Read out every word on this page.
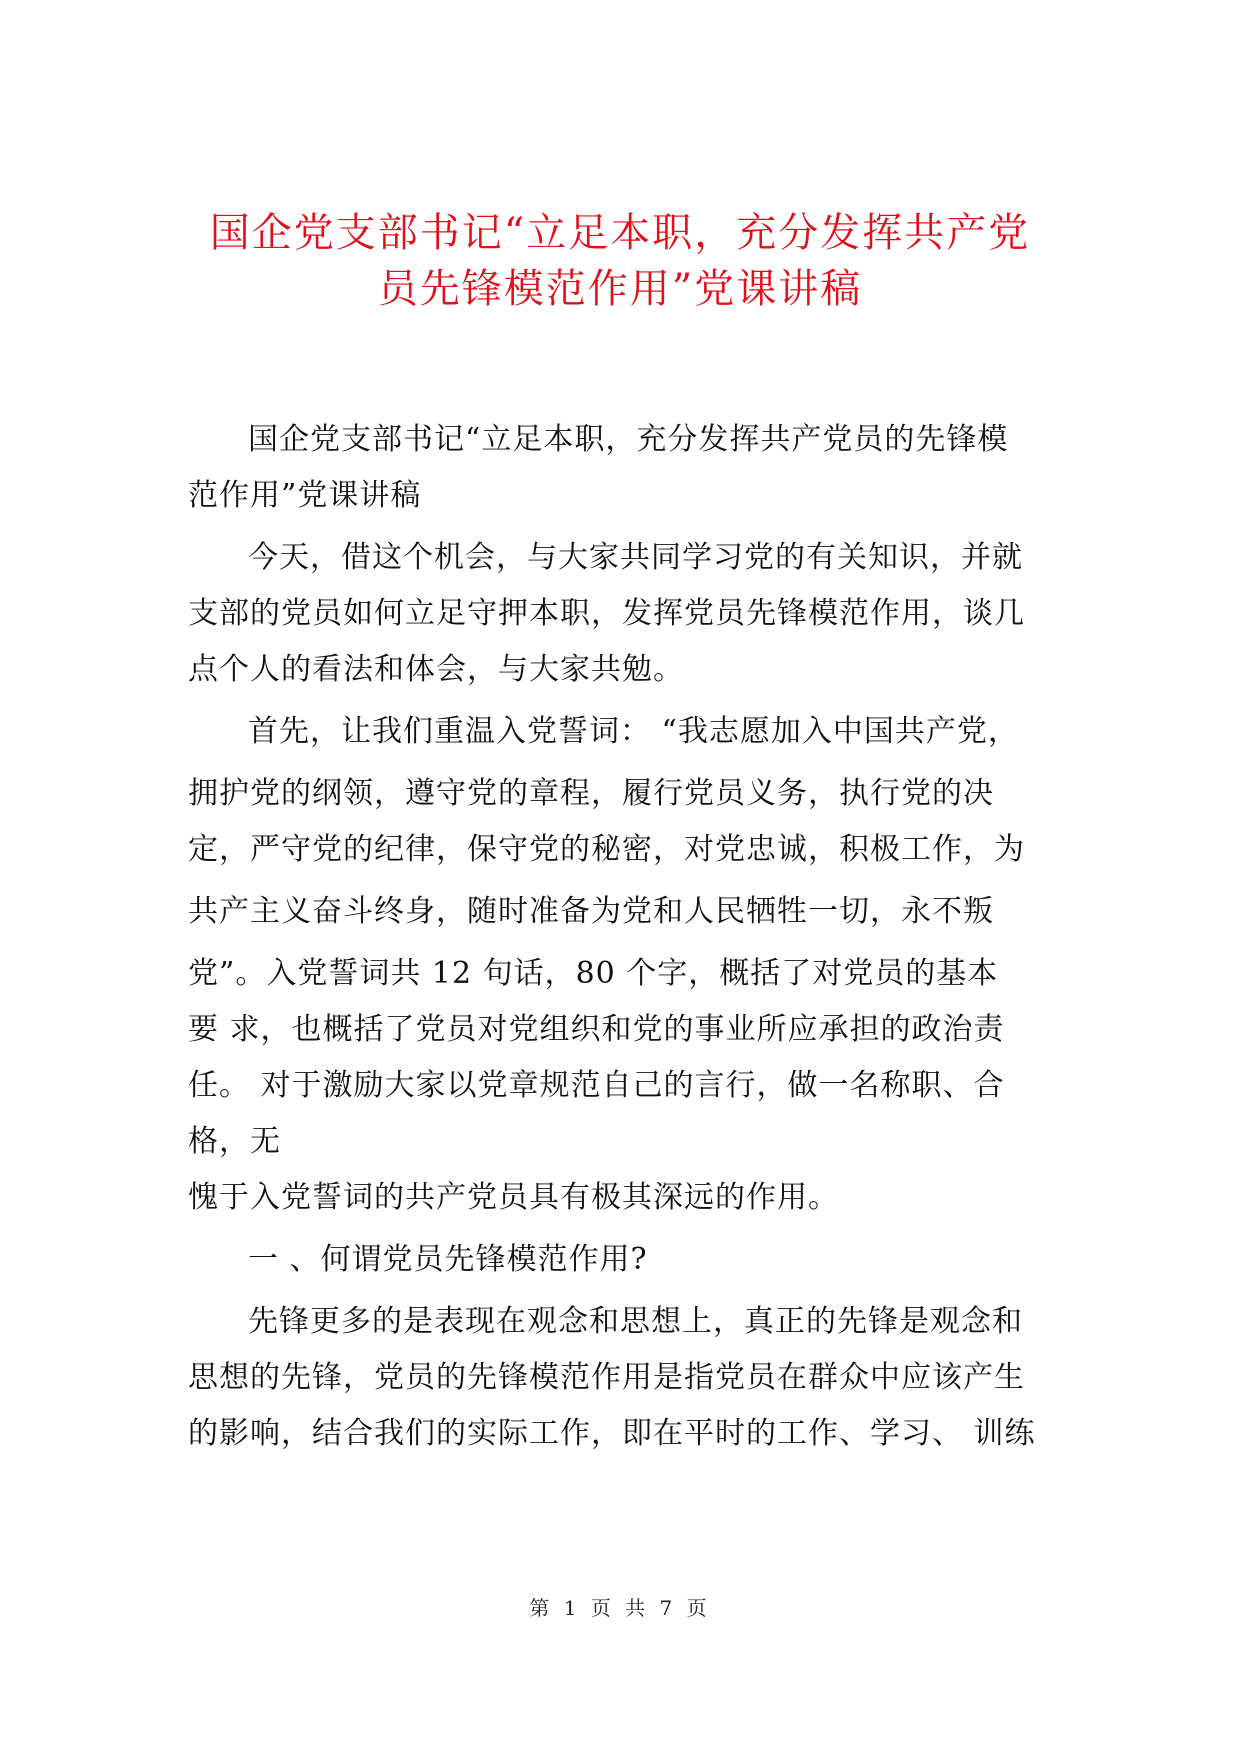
国企党支部书记“立足本职，充分发挥共产党
员先锋模范作用”党课讲稿
国企党支部书记“立足本职，充分发挥共产党员的先锋模
范作用”党课讲稿
今天，借这个机会，与大家共同学习党的有关知识，并就
支部的党员如何立足守押本职，发挥党员先锋模范作用，谈几
点个人的看法和体会，与大家共勉。
首先，让我们重温入党誓词： “我志愿加入中国共产党，
拥护党的纲领，遵守党的章程，履行党员义务，执行党的决
定，严守党的纪律，保守党的秘密，对党忠诚，积极工作，为
共产主义奋斗终身，随时准备为党和人民牺牲一切，永不叛
党”。入党誓词共 12 句话，80 个字，概括了对党员的基本
要 求，也概括了党员对党组织和党的事业所应承担的政治责
任。 对于激励大家以党章规范自己的言行，做一名称职、合
格，无
愧于入党誓词的共产党员具有极其深远的作用。
一 、何谓党员先锋模范作用?
先锋更多的是表现在观念和思想上，真正的先锋是观念和
思想的先锋，党员的先锋模范作用是指党员在群众中应该产生
的影响，结合我们的实际工作，即在平时的工作、学习、 训练
第 1 页 共 7 页
